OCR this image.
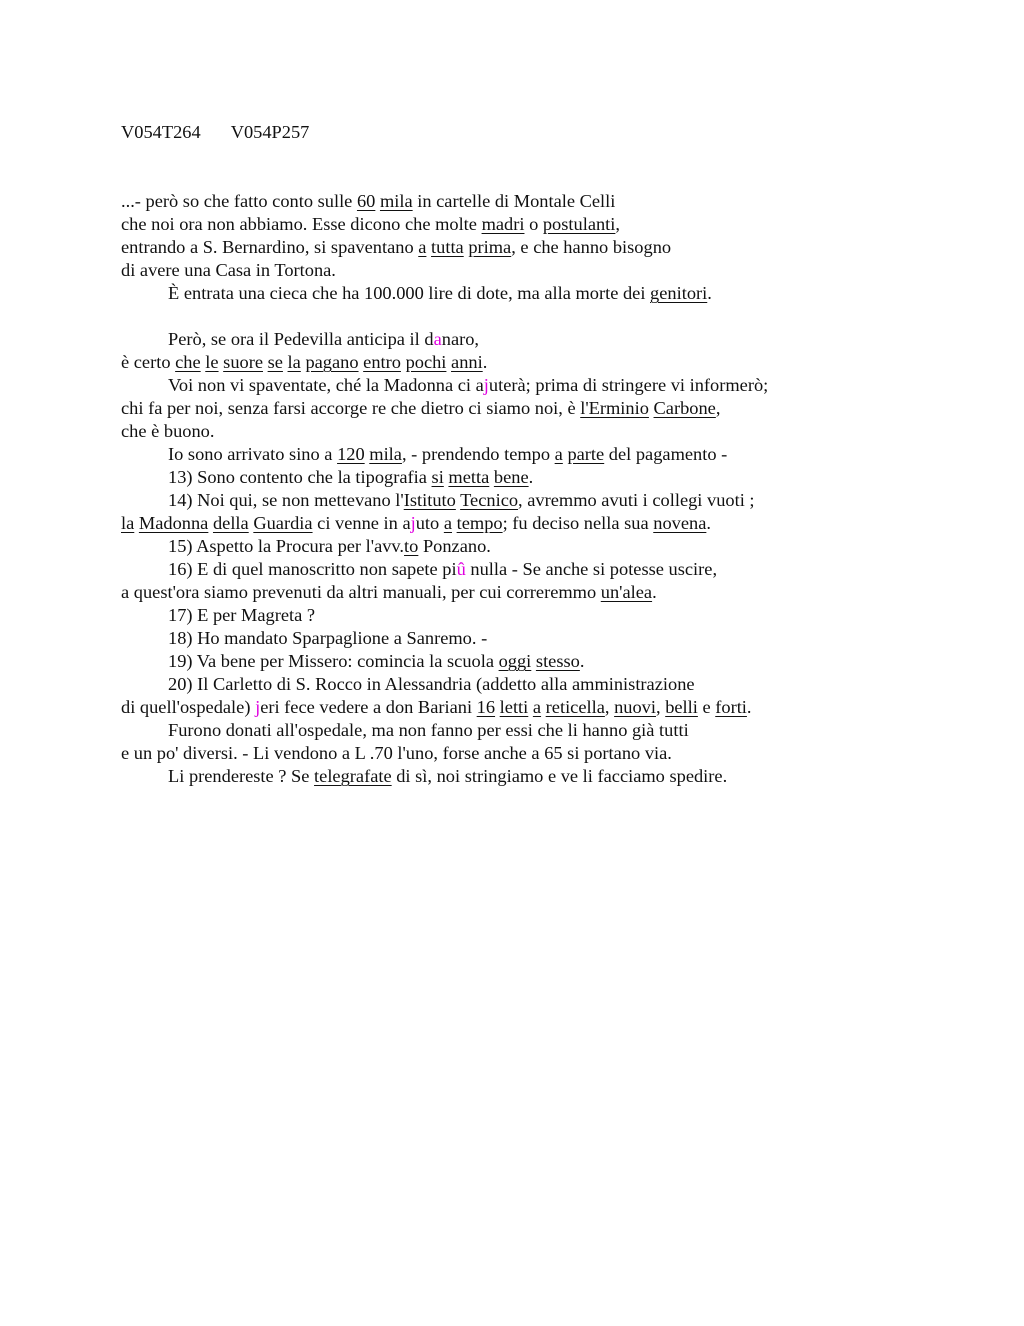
V054T264 V054P257
...- però so che fatto conto sulle 60 mila in cartelle di Montale Celli
che noi ora non abbiamo. Esse dicono che molte madri o postulanti,
entrando a S. Bernardino, si spaventano a tutta prima, e che hanno bisogno
di avere una Casa in Tortona.
È entrata una cieca che ha 100.000 lire di dote, ma alla morte dei genitori.
Però, se ora il Pedevilla anticipa il danaro,
è certo che le suore se la pagano entro pochi anni.
Voi non vi spaventate, ché la Madonna ci ajuterà; prima di stringere vi informerò;
chi fa per noi, senza farsi accorge re che dietro ci siamo noi, è l'Erminio Carbone,
che è buono.
Io sono arrivato sino a 120 mila, - prendendo tempo a parte del pagamento -
13) Sono contento che la tipografia si metta bene.
14) Noi qui, se non mettevano l'Istituto Tecnico, avremmo avuti i collegi vuoti ;
la Madonna della Guardia ci venne in ajuto a tempo; fu deciso nella sua novena.
15) Aspetto la Procura per l'avv.to Ponzano.
16) E di quel manoscritto non sapete piû nulla - Se anche si potesse uscire,
a quest'ora siamo prevenuti da altri manuali, per cui correremmo un'alea.
17) E per Magreta ?
18) Ho mandato Sparpaglione a Sanremo. -
19) Va bene per Missero: comincia la scuola oggi stesso.
20) Il Carletto di S. Rocco in Alessandria (addetto alla amministrazione
di quell'ospedale) jeri fece vedere a don Bariani 16 letti a reticella, nuovi, belli e forti.
Furono donati all'ospedale, ma non fanno per essi che li hanno già tutti
e un po' diversi. - Li vendono a L .70 l'uno, forse anche a 65 si portano via.
Li prendereste ? Se telegrafate di sì, noi stringiamo e ve li facciamo spedire.
